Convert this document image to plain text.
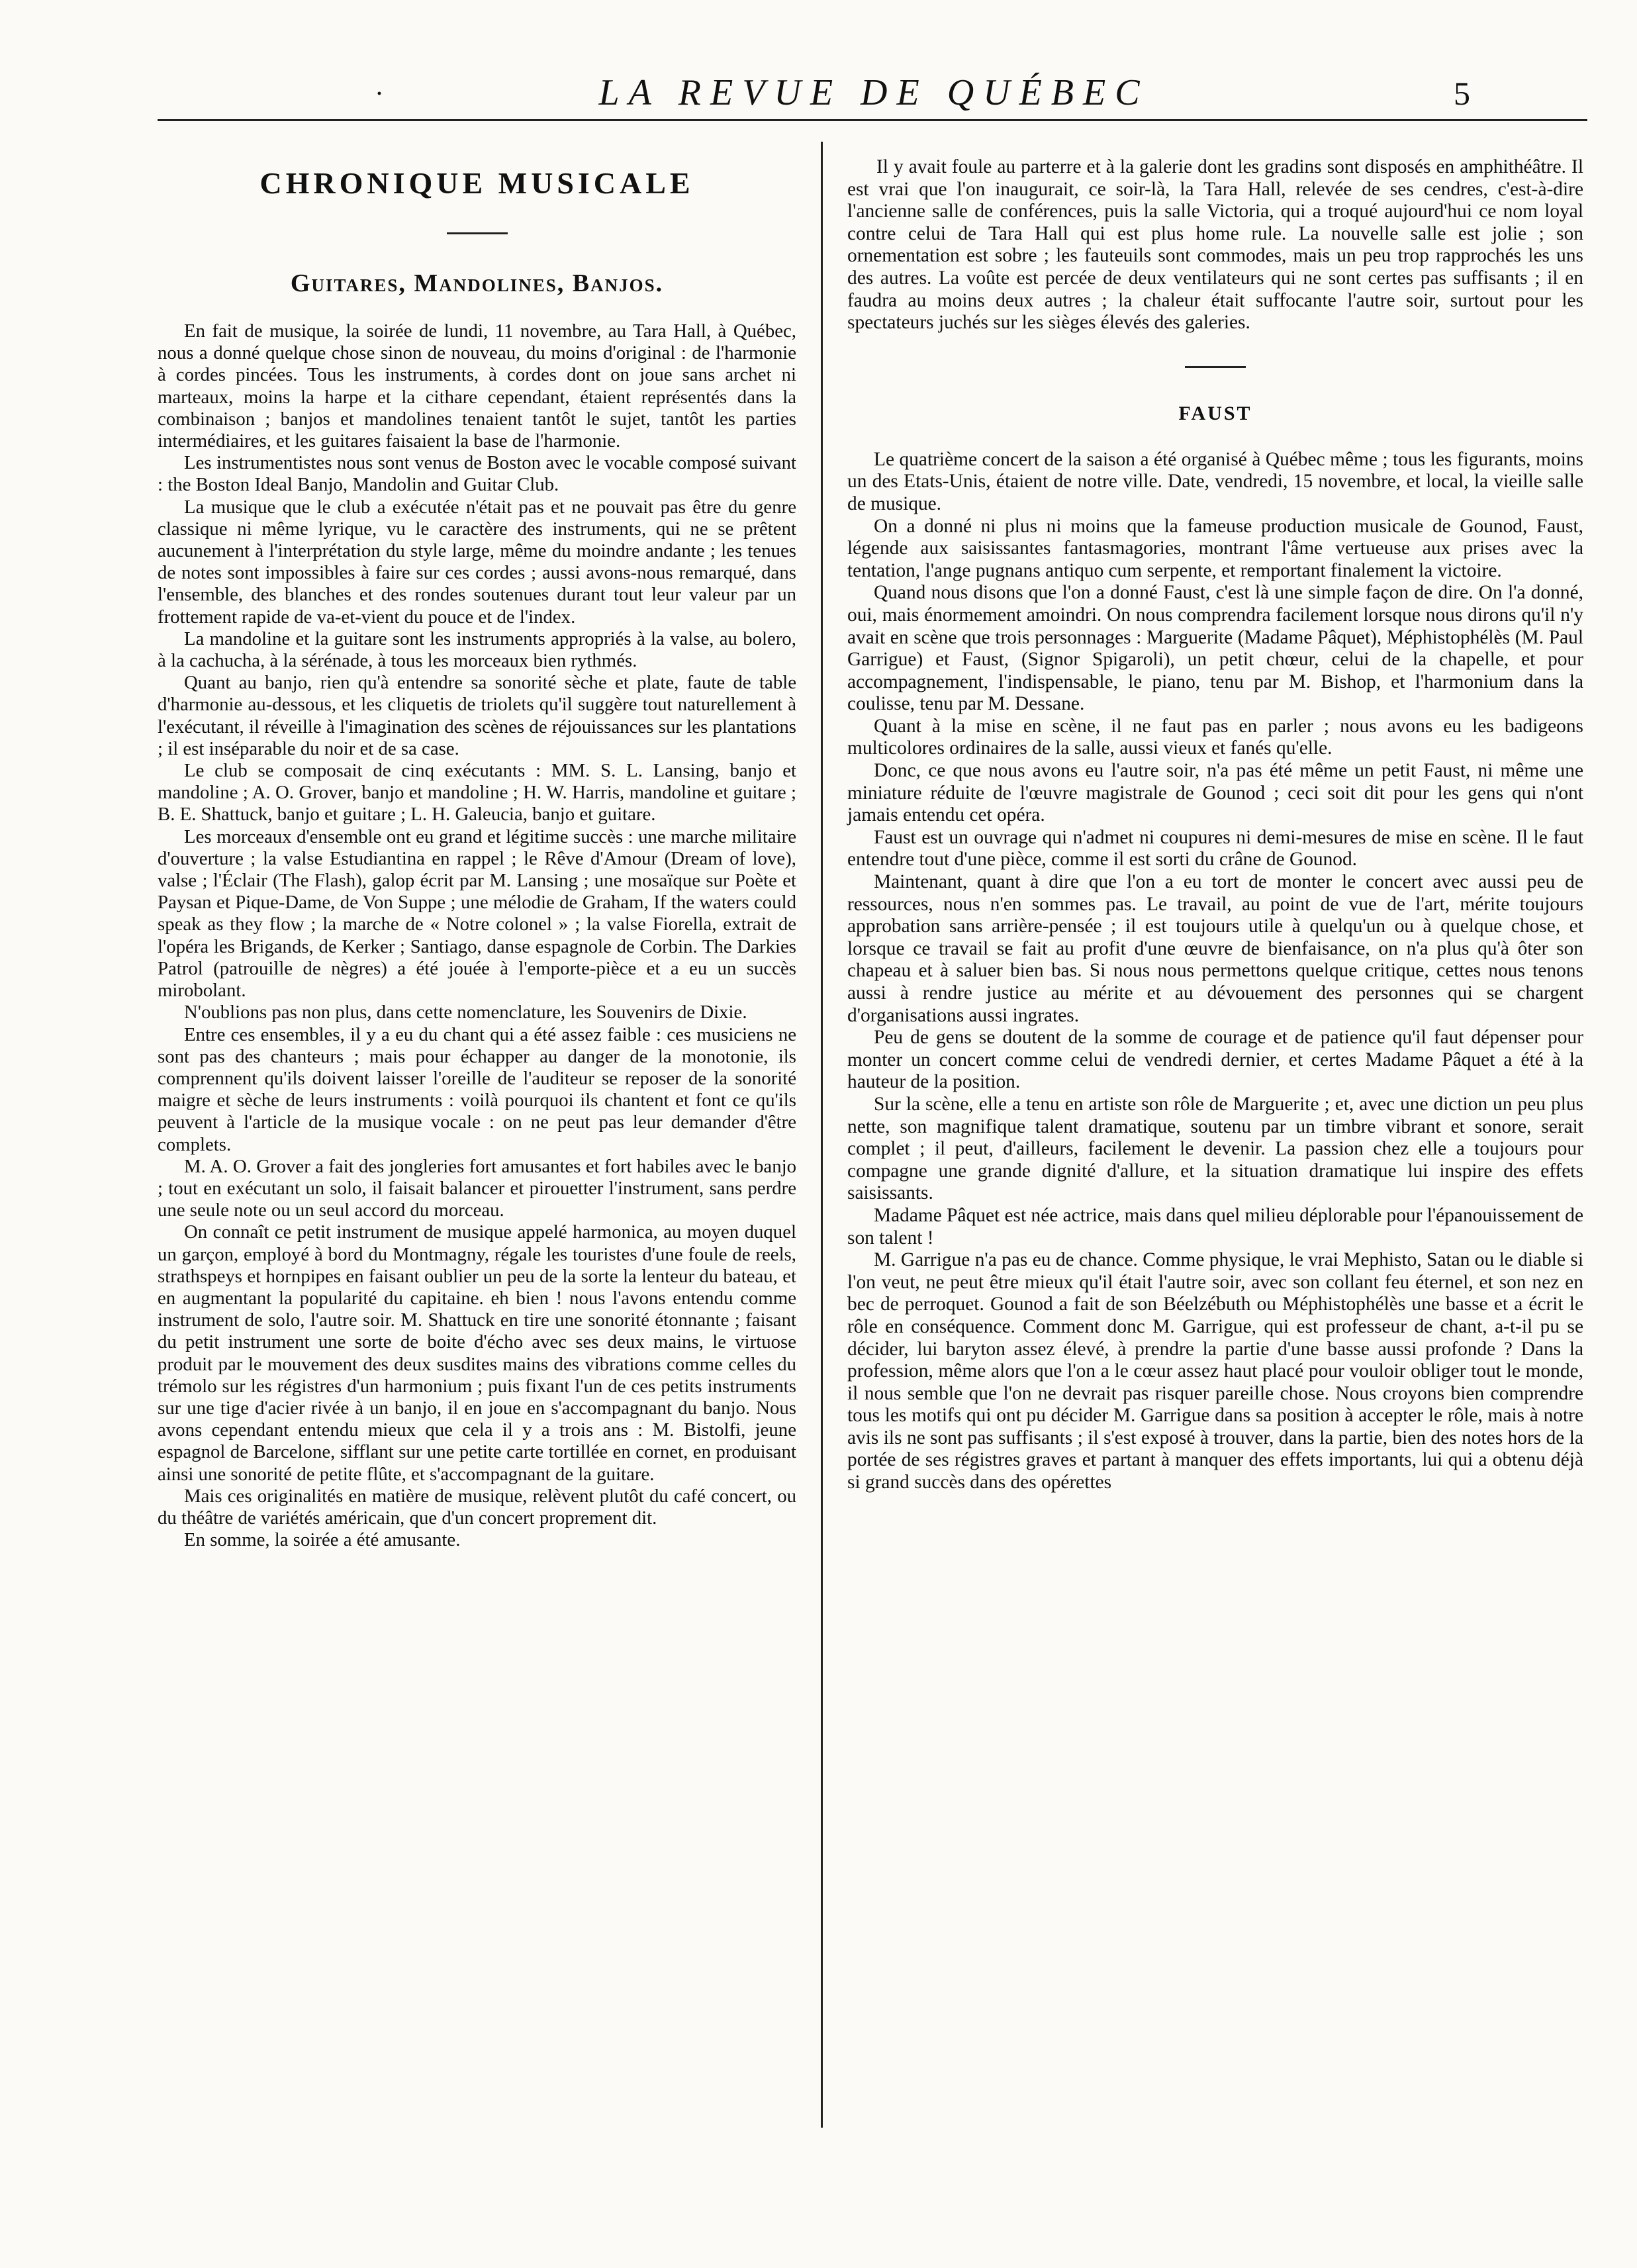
·	LA REVUE DE QUÉBEC	5
CHRONIQUE MUSICALE
Guitares, Mandolines, Banjos.

En fait de musique, la soirée de lundi, 11 novembre, au Tara Hall, à Québec, nous a donné quelque chose sinon de nouveau, du moins d'original : de l'harmonie à cordes pincées. Tous les instruments, à cordes dont on joue sans archet ni marteaux, moins la harpe et la cithare cependant, étaient représentés dans la combinaison ; banjos et mandolines tenaient tantôt le sujet, tantôt les parties intermédiaires, et les guitares faisaient la base de l'harmonie.

Les instrumentistes nous sont venus de Boston avec le vocable composé suivant : the Boston Ideal Banjo, Mandolin and Guitar Club.

La musique que le club a exécutée n'était pas et ne pouvait pas être du genre classique ni même lyrique, vu le caractère des instruments, qui ne se prêtent aucunement à l'interprétation du style large, même du moindre andante ; les tenues de notes sont impossibles à faire sur ces cordes ; aussi avons-nous remarqué, dans l'ensemble, des blanches et des rondes soutenues durant tout leur valeur par un frottement rapide de va-et-vient du pouce et de l'index.

La mandoline et la guitare sont les instruments appropriés à la valse, au bolero, à la cachucha, à la sérénade, à tous les morceaux bien rythmés.

Quant au banjo, rien qu'à entendre sa sonorité sèche et plate, faute de table d'harmonie au-dessous, et les cliquetis de triolets qu'il suggère tout naturellement à l'exécutant, il réveille à l'imagination des scènes de réjouissances sur les plantations ; il est inséparable du noir et de sa case.

Le club se composait de cinq exécutants : MM. S. L. Lansing, banjo et mandoline ; A. O. Grover, banjo et mandoline ; H. W. Harris, mandoline et guitare ; B. E. Shattuck, banjo et guitare ; L. H. Galeucia, banjo et guitare.

Les morceaux d'ensemble ont eu grand et légitime succès : une marche militaire d'ouverture ; la valse Estudiantina en rappel ; le Rêve d'Amour (Dream of love), valse ; l'Éclair (The Flash), galop écrit par M. Lansing ; une mosaïque sur Poète et Paysan et Pique-Dame, de Von Suppe ; une mélodie de Graham, If the waters could speak as they flow ; la marche de « Notre colonel » ; la valse Fiorella, extrait de l'opéra les Brigands, de Kerker ; Santiago, danse espagnole de Corbin. The Darkies Patrol (patrouille de nègres) a été jouée à l'emporte-pièce et a eu un succès mirobolant.

N'oublions pas non plus, dans cette nomenclature, les Souvenirs de Dixie.

Entre ces ensembles, il y a eu du chant qui a été assez faible : ces musiciens ne sont pas des chanteurs ; mais pour échapper au danger de la monotonie, ils comprennent qu'ils doivent laisser l'oreille de l'auditeur se reposer de la sonorité maigre et sèche de leurs instruments : voilà pourquoi ils chantent et font ce qu'ils peuvent à l'article de la musique vocale : on ne peut pas leur demander d'être complets.

M. A. O. Grover a fait des jongleries fort amusantes et fort habiles avec le banjo ; tout en exécutant un solo, il faisait balancer et pirouetter l'instrument, sans perdre une seule note ou un seul accord du morceau.

On connaît ce petit instrument de musique appelé harmonica, au moyen duquel un garçon, employé à bord du Montmagny, régale les touristes d'une foule de reels, strathspeys et hornpipes en faisant oublier un peu de la sorte la lenteur du bateau, et en augmentant la popularité du capitaine. eh bien ! nous l'avons entendu comme instrument de solo, l'autre soir. M. Shattuck en tire une sonorité étonnante ; faisant du petit instrument une sorte de boite d'écho avec ses deux mains, le virtuose produit par le mouvement des deux susdites mains des vibrations comme celles du trémolo sur les régistres d'un harmonium ; puis fixant l'un de ces petits instruments sur une tige d'acier rivée à un banjo, il en joue en s'accompagnant du banjo. Nous avons cependant entendu mieux que cela il y a trois ans : M. Bistolfi, jeune espagnol de Barcelone, sifflant sur une petite carte tortillée en cornet, en produisant ainsi une sonorité de petite flûte, et s'accompagnant de la guitare.

Mais ces originalités en matière de musique, relèvent plutôt du café concert, ou du théâtre de variétés américain, que d'un concert proprement dit.

En somme, la soirée a été amusante.

Il y avait foule au parterre et à la galerie dont les gradins sont disposés en amphithéâtre. Il est vrai que l'on inaugurait, ce soir-là, la Tara Hall, relevée de ses cendres, c'est-à-dire l'ancienne salle de conférences, puis la salle Victoria, qui a troqué aujourd'hui ce nom loyal contre celui de Tara Hall qui est plus home rule. La nouvelle salle est jolie ; son ornementation est sobre ; les fauteuils sont commodes, mais un peu trop rapprochés les uns des autres. La voûte est percée de deux ventilateurs qui ne sont certes pas suffisants ; il en faudra au moins deux autres ; la chaleur était suffocante l'autre soir, surtout pour les spectateurs juchés sur les sièges élevés des galeries.

FAUST

Le quatrième concert de la saison a été organisé à Québec même ; tous les figurants, moins un des Etats-Unis, étaient de notre ville. Date, vendredi, 15 novembre, et local, la vieille salle de musique.

On a donné ni plus ni moins que la fameuse production musicale de Gounod, Faust, légende aux saisissantes fantasmagories, montrant l'âme vertueuse aux prises avec la tentation, l'ange pugnans antiquo cum serpente, et remportant finalement la victoire.

Quand nous disons que l'on a donné Faust, c'est là une simple façon de dire. On l'a donné, oui, mais énormement amoindri. On nous comprendra facilement lorsque nous dirons qu'il n'y avait en scène que trois personnages : Marguerite (Madame Pâquet), Méphistophélès (M. Paul Garrigue) et Faust, (Signor Spigaroli), un petit chœur, celui de la chapelle, et pour accompagnement, l'indispensable, le piano, tenu par M. Bishop, et l'harmonium dans la coulisse, tenu par M. Dessane.

Quant à la mise en scène, il ne faut pas en parler ; nous avons eu les badigeons multicolores ordinaires de la salle, aussi vieux et fanés qu'elle.

Donc, ce que nous avons eu l'autre soir, n'a pas été même un petit Faust, ni même une miniature réduite de l'œuvre magistrale de Gounod ; ceci soit dit pour les gens qui n'ont jamais entendu cet opéra.

Faust est un ouvrage qui n'admet ni coupures ni demi-mesures de mise en scène. Il le faut entendre tout d'une pièce, comme il est sorti du crâne de Gounod.

Maintenant, quant à dire que l'on a eu tort de monter le concert avec aussi peu de ressources, nous n'en sommes pas. Le travail, au point de vue de l'art, mérite toujours approbation sans arrière-pensée ; il est toujours utile à quelqu'un ou à quelque chose, et lorsque ce travail se fait au profit d'une œuvre de bienfaisance, on n'a plus qu'à ôter son chapeau et à saluer bien bas. Si nous nous permettons quelque critique, cettes nous tenons aussi à rendre justice au mérite et au dévouement des personnes qui se chargent d'organisations aussi ingrates.

Peu de gens se doutent de la somme de courage et de patience qu'il faut dépenser pour monter un concert comme celui de vendredi dernier, et certes Madame Pâquet a été à la hauteur de la position.

Sur la scène, elle a tenu en artiste son rôle de Marguerite ; et, avec une diction un peu plus nette, son magnifique talent dramatique, soutenu par un timbre vibrant et sonore, serait complet ; il peut, d'ailleurs, facilement le devenir. La passion chez elle a toujours pour compagne une grande dignité d'allure, et la situation dramatique lui inspire des effets saisissants.

Madame Pâquet est née actrice, mais dans quel milieu déplorable pour l'épanouissement de son talent !

M. Garrigue n'a pas eu de chance. Comme physique, le vrai Mephisto, Satan ou le diable si l'on veut, ne peut être mieux qu'il était l'autre soir, avec son collant feu éternel, et son nez en bec de perroquet. Gounod a fait de son Béelzébuth ou Méphistophélès une basse et a écrit le rôle en conséquence. Comment donc M. Garrigue, qui est professeur de chant, a-t-il pu se décider, lui baryton assez élevé, à prendre la partie d'une basse aussi profonde ? Dans la profession, même alors que l'on a le cœur assez haut placé pour vouloir obliger tout le monde, il nous semble que l'on ne devrait pas risquer pareille chose. Nous croyons bien comprendre tous les motifs qui ont pu décider M. Garrigue dans sa position à accepter le rôle, mais à notre avis ils ne sont pas suffisants ; il s'est exposé à trouver, dans la partie, bien des notes hors de la portée de ses régistres graves et partant à manquer des effets importants, lui qui a obtenu déjà si grand succès dans des opérettes
